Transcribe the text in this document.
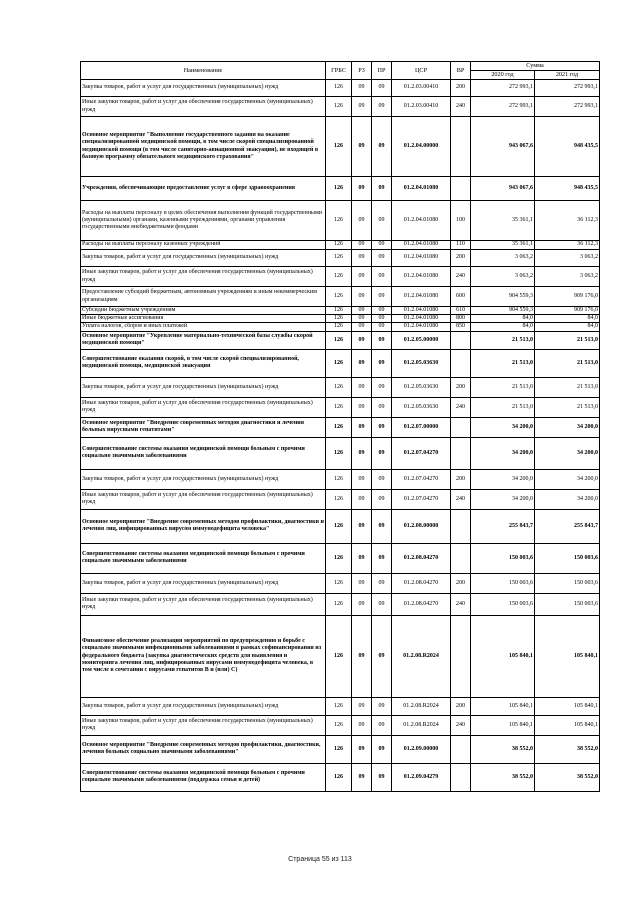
Наименование	ГРБС	РЗ	ПР	ЦСР	ВР	Сумма	
						2020 год	2021 год
Закупка товаров, работ и услуг для государственных (муниципальных) нужд	126	09	09	01.2.03.00410	200	272 993,1	272 993,1
Иные закупки товаров, работ и услуг для обеспечения государственных (муниципальных) нужд	126	09	09	01.2.03.00410	240	272 993,1	272 993,1
Основное мероприятие "Выполнение государственного задания на оказание специализированной медицинской помощи, в том числе скорой специализированной медицинской помощи (в том числе санитарно-авиационной эвакуации), не входящей в базовую программу обязательного медицинского страхования"	126	09	09	01.2.04.00000		943 067,6	948 435,5
Учреждения, обеспечивающие предоставление услуг в сфере здравоохранения	126	09	09	01.2.04.01080		943 067,6	948 435,5
Расходы на выплаты персоналу в целях обеспечения выполнения функций государственными (муниципальными) органами, казенными учреждениями, органами управления государственными внебюджетными фондами	126	09	09	01.2.04.01080	100	35 361,1	36 112,3
Расходы на выплаты персоналу казенных учреждений	126	09	09	01.2.04.01080	110	35 361,1	36 112,3
Закупка товаров, работ и услуг для государственных (муниципальных) нужд	126	09	09	01.2.04.01080	200	3 063,2	3 063,2
Иные закупки товаров, работ и услуг для обеспечения государственных (муниципальных) нужд	126	09	09	01.2.04.01080	240	3 063,2	3 063,2
Предоставление субсидий бюджетным, автономным учреждениям и иным некоммерческим организациям	126	09	09	01.2.04.01080	600	904 559,3	909 176,0
Субсидии бюджетным учреждениям	126	09	09	01.2.04.01080	610	904 559,3	909 176,0
Иные бюджетные ассигнования	126	09	09	01.2.04.01080	800	84,0	84,0
Уплата налогов, сборов и иных платежей	126	09	09	01.2.04.01080	850	84,0	84,0
Основное мероприятие "Укрепление материально-технической базы службы скорой медицинской помощи"	126	09	09	01.2.05.00000		21 513,0	21 513,0
Совершенствование оказания скорой, в том числе скорой специализированной, медицинской помощи, медицинской эвакуации	126	09	09	01.2.05.03630		21 513,0	21 513,0
Закупка товаров, работ и услуг для государственных (муниципальных) нужд	126	09	09	01.2.05.03630	200	21 513,0	21 513,0
Иные закупки товаров, работ и услуг для обеспечения государственных (муниципальных) нужд	126	09	09	01.2.05.03630	240	21 513,0	21 513,0
Основное мероприятие "Внедрение современных методов диагностики и лечения больных вирусными гепатитами"	126	09	09	01.2.07.00000		34 200,0	34 200,0
Совершенствование системы оказания медицинской помощи больным с прочими социально значимыми заболеваниями	126	09	09	01.2.07.04270		34 200,0	34 200,0
Закупка товаров, работ и услуг для государственных (муниципальных) нужд	126	09	09	01.2.07.04270	200	34 200,0	34 200,0
Иные закупки товаров, работ и услуг для обеспечения государственных (муниципальных) нужд	126	09	09	01.2.07.04270	240	34 200,0	34 200,0
Основное мероприятие "Внедрение современных методов профилактики, диагностики и лечения лиц, инфицированных вирусом иммунодефицита человека"	126	09	09	01.2.08.00000		255 843,7	255 843,7
Совершенствование системы оказания медицинской помощи больным с прочими социально значимыми заболеваниями	126	09	09	01.2.08.04270		150 003,6	150 003,6
Закупка товаров, работ и услуг для государственных (муниципальных) нужд	126	09	09	01.2.08.04270	200	150 003,6	150 003,6
Иные закупки товаров, работ и услуг для обеспечения государственных (муниципальных) нужд	126	09	09	01.2.08.04270	240	150 003,6	150 003,6
Финансовое обеспечение реализации мероприятий по предупреждению и борьбе с социально значимыми инфекционными заболеваниями в рамках софинансирования из федерального бюджета (закупка диагностических средств для выявления и мониторинга лечения лиц, инфицированных вирусами иммунодефицита человека, в том числе в сочетании с вирусами гепатитов В и (или) С)	126	09	09	01.2.08.R2024		105 840,1	105 840,1
Закупка товаров, работ и услуг для государственных (муниципальных) нужд	126	09	09	01.2.08.R2024	200	105 840,1	105 840,1
Иные закупки товаров, работ и услуг для обеспечения государственных (муниципальных) нужд	126	09	09	01.2.08.R2024	240	105 840,1	105 840,1
Основное мероприятие "Внедрение современных методов профилактики, диагностики, лечения больных социально значимыми заболеваниями"	126	09	09	01.2.09.00000		38 552,0	38 552,0
Совершенствование системы оказания медицинской помощи больным с прочими социально значимыми заболеваниями (поддержка семьи и детей)	126	09	09	01.2.09.04279		38 552,0	38 552,0
Страница 55 из 113
